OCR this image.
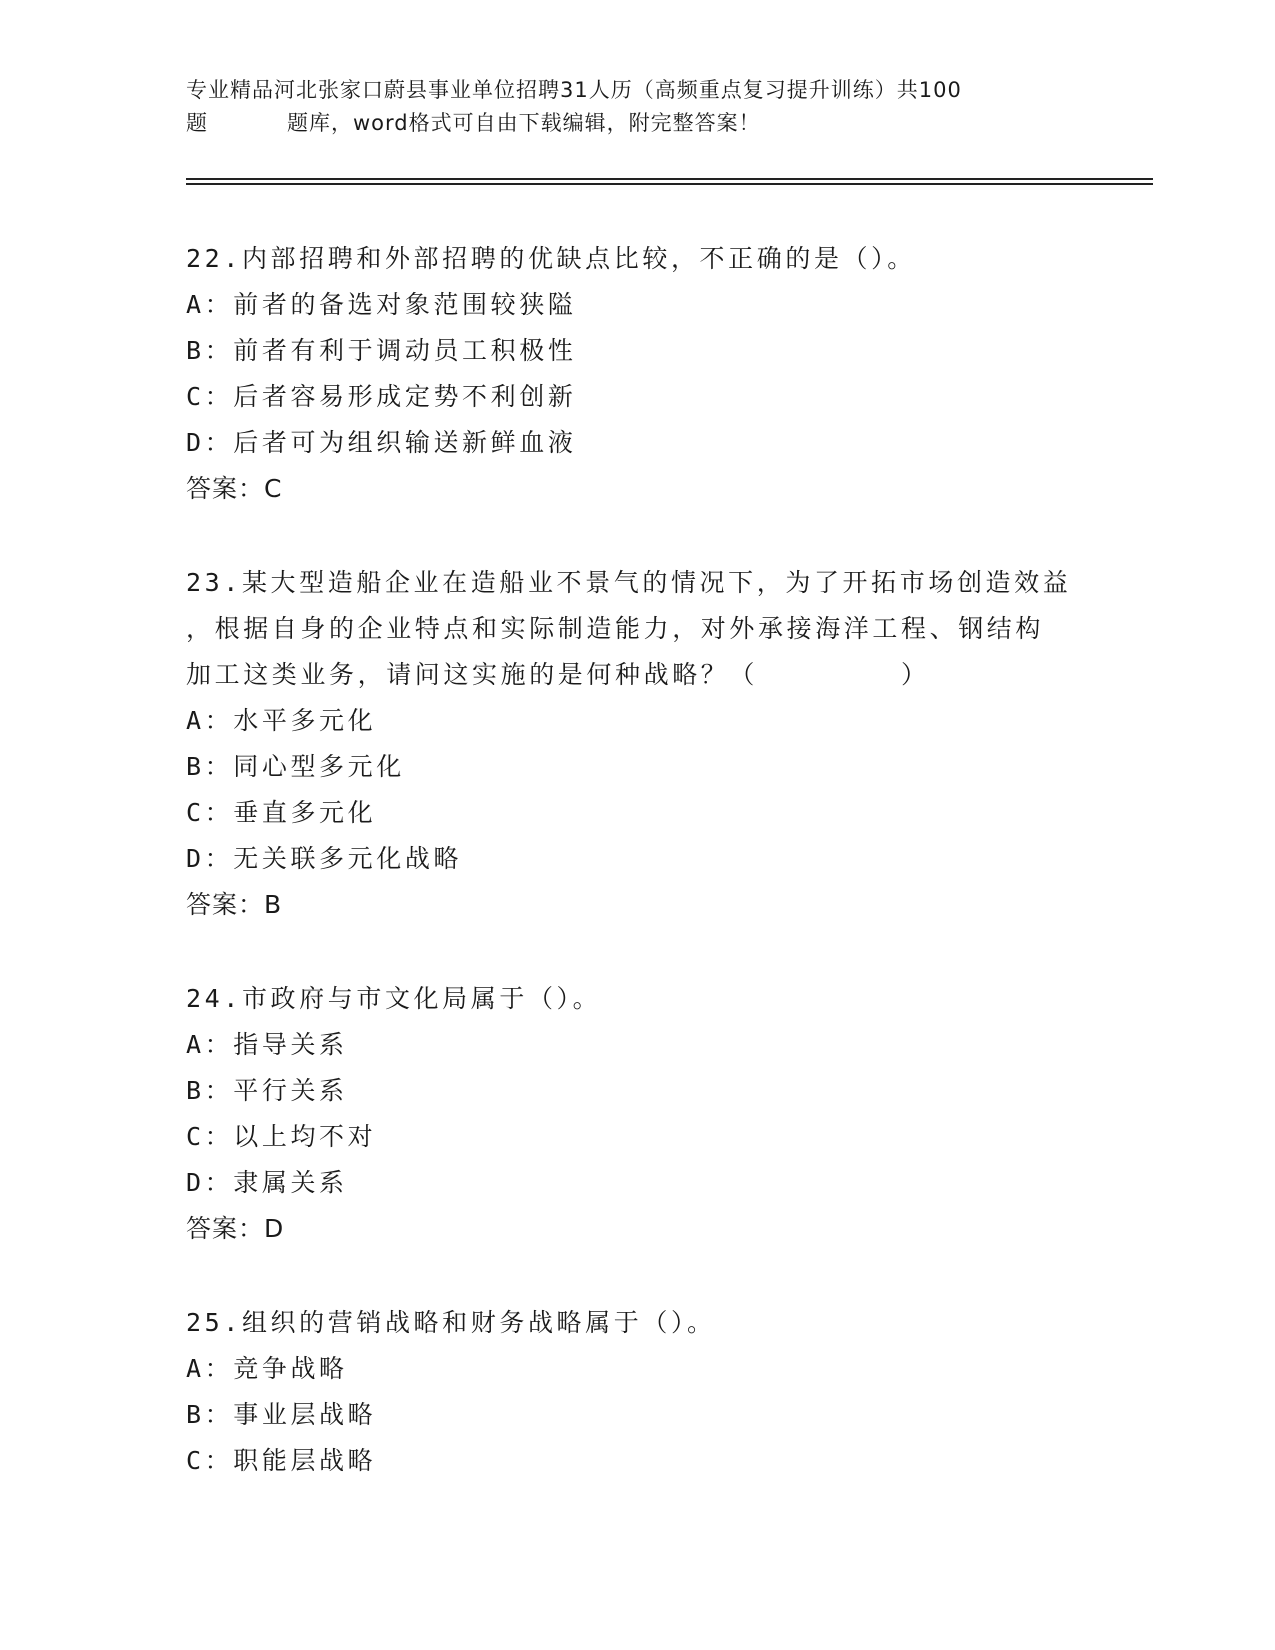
专业精品河北张家口蔚县事业单位招聘31人历（高频重点复习提升训练）共100
题	题库，word格式可自由下载编辑，附完整答案！
22.内部招聘和外部招聘的优缺点比较，不正确的是（）。
A：前者的备选对象范围较狭隘
B：前者有利于调动员工积极性
C：后者容易形成定势不利创新
D：后者可为组织输送新鲜血液
答案：C
23.某大型造船企业在造船业不景气的情况下，为了开拓市场创造效益
，根据自身的企业特点和实际制造能力，对外承接海洋工程、钢结构
加工这类业务，请问这实施的是何种战略？（　　　　　）
A：水平多元化
B：同心型多元化
C：垂直多元化
D：无关联多元化战略
答案：B
24.市政府与市文化局属于（）。
A：指导关系
B：平行关系
C：以上均不对
D：隶属关系
答案：D
25.组织的营销战略和财务战略属于（）。
A：竞争战略
B：事业层战略
C：职能层战略
